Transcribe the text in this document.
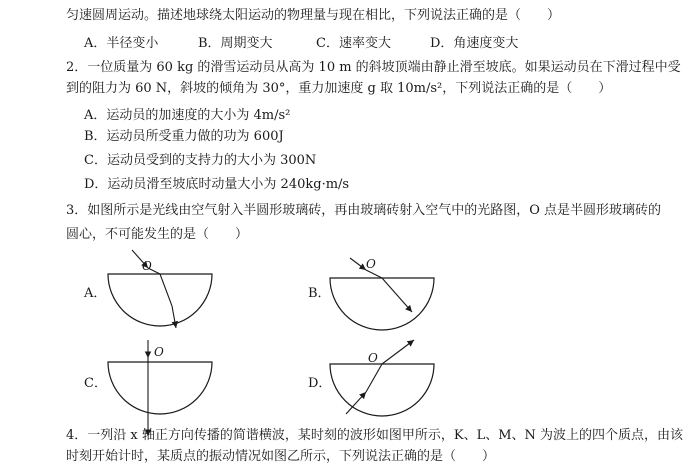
匀速圆周运动。描述地球绕太阳运动的物理量与现在相比，下列说法正确的是（　　）
A．半径变小	B．周期变大	C．速率变大	D．角速度变大
2．一位质量为 60 kg 的滑雪运动员从高为 10 m 的斜坡顶端由静止滑至坡底。如果运动员在下滑过程中受
到的阻力为 60 N，斜坡的倾角为 30°，重力加速度 g 取 10m/s²，下列说法正确的是（　　）
A．运动员的加速度的大小为 4m/s²
B．运动员所受重力做的功为 600J
C．运动员受到的支持力的大小为 300N
D．运动员滑至坡底时动量大小为 240kg·m/s
3．如图所示是光线由空气射入半圆形玻璃砖，再由玻璃砖射入空气中的光路图，O 点是半圆形玻璃砖的
圆心，不可能发生的是（　　）
A．
O
B．
O
C．
O
D．
O
4．一列沿 x 轴正方向传播的简谐横波，某时刻的波形如图甲所示，K、L、M、N 为波上的四个质点，由该
时刻开始计时，某质点的振动情况如图乙所示，下列说法正确的是（　　）
